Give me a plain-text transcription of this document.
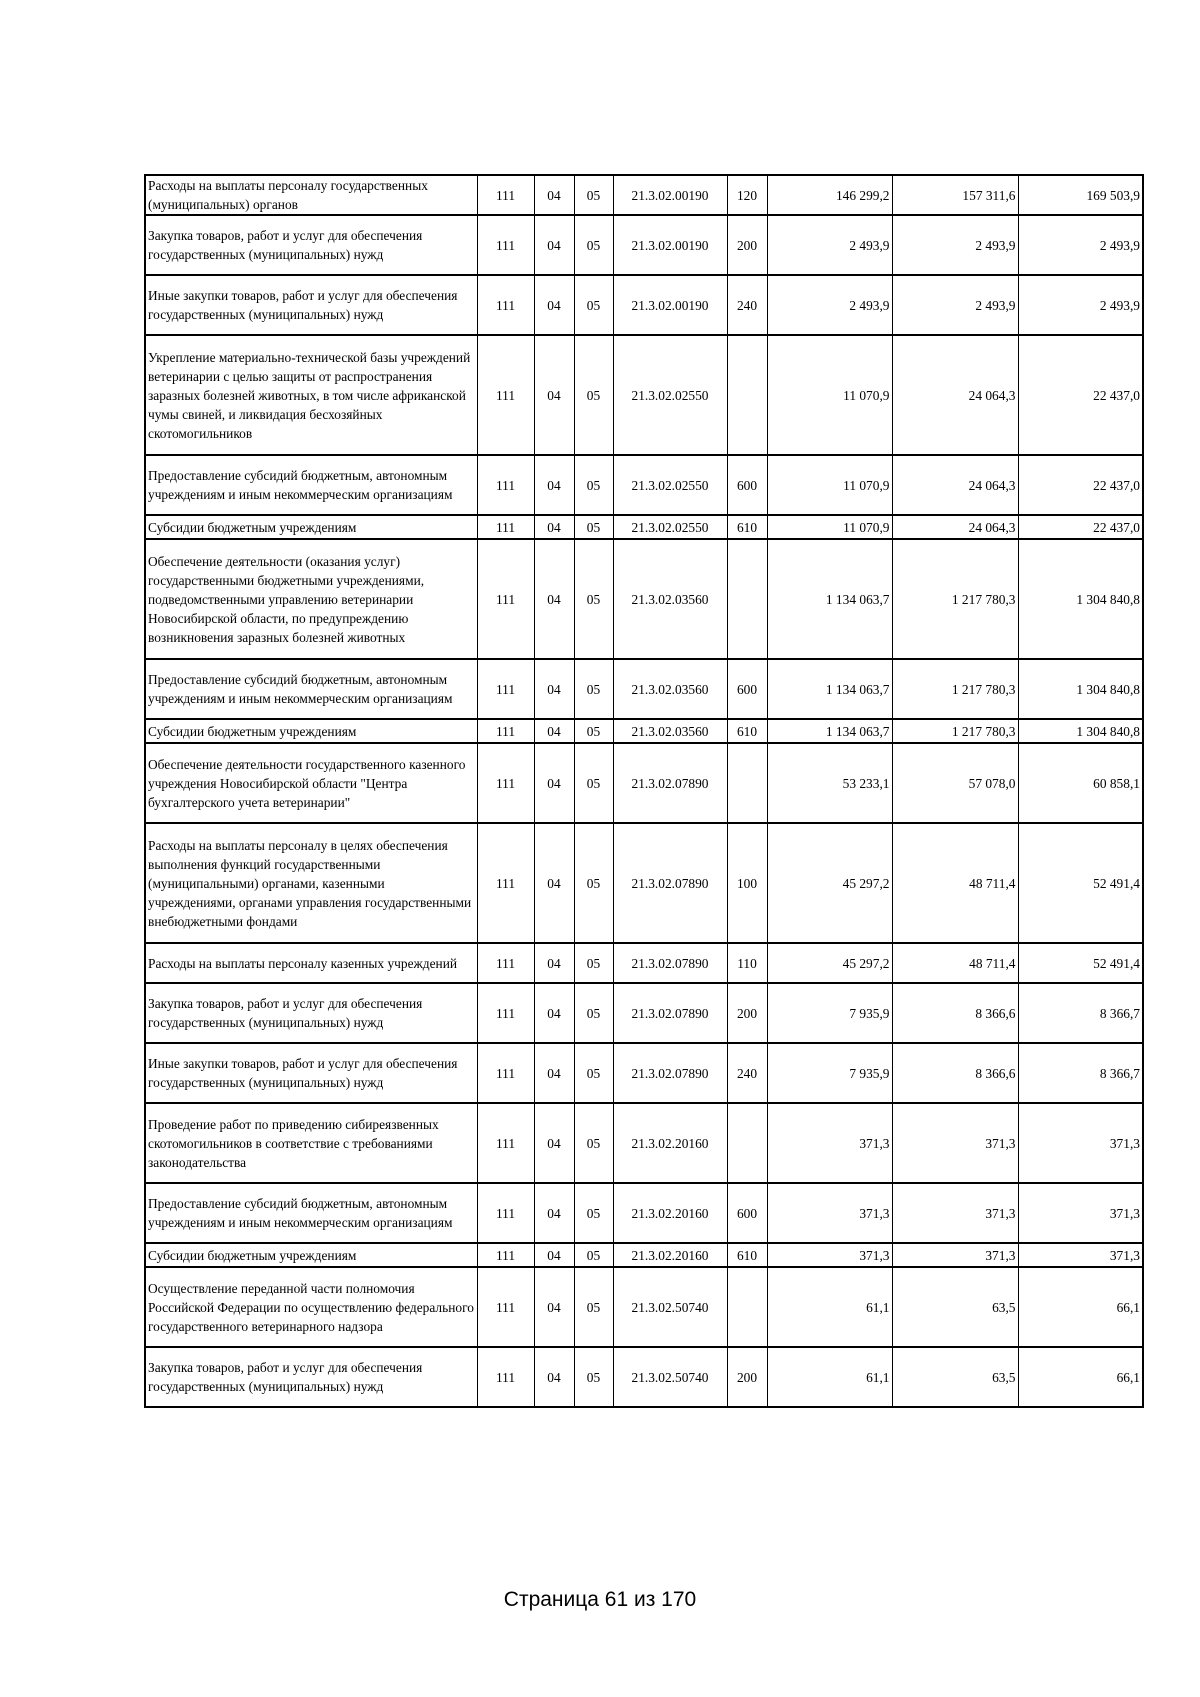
Расходы на выплаты персоналу государственных (муниципальных) органов	111	04	05	21.3.02.00190	120	146 299,2	157 311,6	169 503,9
Закупка товаров, работ и услуг для обеспечения государственных (муниципальных) нужд	111	04	05	21.3.02.00190	200	2 493,9	2 493,9	2 493,9
Иные закупки товаров, работ и услуг для обеспечения государственных (муниципальных) нужд	111	04	05	21.3.02.00190	240	2 493,9	2 493,9	2 493,9
Укрепление материально-технической базы учреждений ветеринарии с целью защиты от распространения заразных болезней животных, в том числе африканской чумы свиней, и ликвидация бесхозяйных скотомогильников	111	04	05	21.3.02.02550		11 070,9	24 064,3	22 437,0
Предоставление субсидий бюджетным, автономным учреждениям и иным некоммерческим организациям	111	04	05	21.3.02.02550	600	11 070,9	24 064,3	22 437,0
Субсидии бюджетным учреждениям	111	04	05	21.3.02.02550	610	11 070,9	24 064,3	22 437,0
Обеспечение деятельности (оказания услуг) государственными бюджетными учреждениями, подведомственными управлению ветеринарии Новосибирской области, по предупреждению возникновения заразных болезней животных	111	04	05	21.3.02.03560		1 134 063,7	1 217 780,3	1 304 840,8
Предоставление субсидий бюджетным, автономным учреждениям и иным некоммерческим организациям	111	04	05	21.3.02.03560	600	1 134 063,7	1 217 780,3	1 304 840,8
Субсидии бюджетным учреждениям	111	04	05	21.3.02.03560	610	1 134 063,7	1 217 780,3	1 304 840,8
Обеспечение деятельности государственного казенного учреждения Новосибирской области "Центра бухгалтерского учета ветеринарии"	111	04	05	21.3.02.07890		53 233,1	57 078,0	60 858,1
Расходы на выплаты персоналу в целях обеспечения выполнения функций государственными (муниципальными) органами, казенными учреждениями, органами управления государственными внебюджетными фондами	111	04	05	21.3.02.07890	100	45 297,2	48 711,4	52 491,4
Расходы на выплаты персоналу казенных учреждений	111	04	05	21.3.02.07890	110	45 297,2	48 711,4	52 491,4
Закупка товаров, работ и услуг для обеспечения государственных (муниципальных) нужд	111	04	05	21.3.02.07890	200	7 935,9	8 366,6	8 366,7
Иные закупки товаров, работ и услуг для обеспечения государственных (муниципальных) нужд	111	04	05	21.3.02.07890	240	7 935,9	8 366,6	8 366,7
Проведение работ по приведению сибиреязвенных скотомогильников в соответствие с требованиями законодательства	111	04	05	21.3.02.20160		371,3	371,3	371,3
Предоставление субсидий бюджетным, автономным учреждениям и иным некоммерческим организациям	111	04	05	21.3.02.20160	600	371,3	371,3	371,3
Субсидии бюджетным учреждениям	111	04	05	21.3.02.20160	610	371,3	371,3	371,3
Осуществление переданной части полномочия Российской Федерации по осуществлению федерального государственного ветеринарного надзора	111	04	05	21.3.02.50740		61,1	63,5	66,1
Закупка товаров, работ и услуг для обеспечения государственных (муниципальных) нужд	111	04	05	21.3.02.50740	200	61,1	63,5	66,1
Страница 61 из 170
